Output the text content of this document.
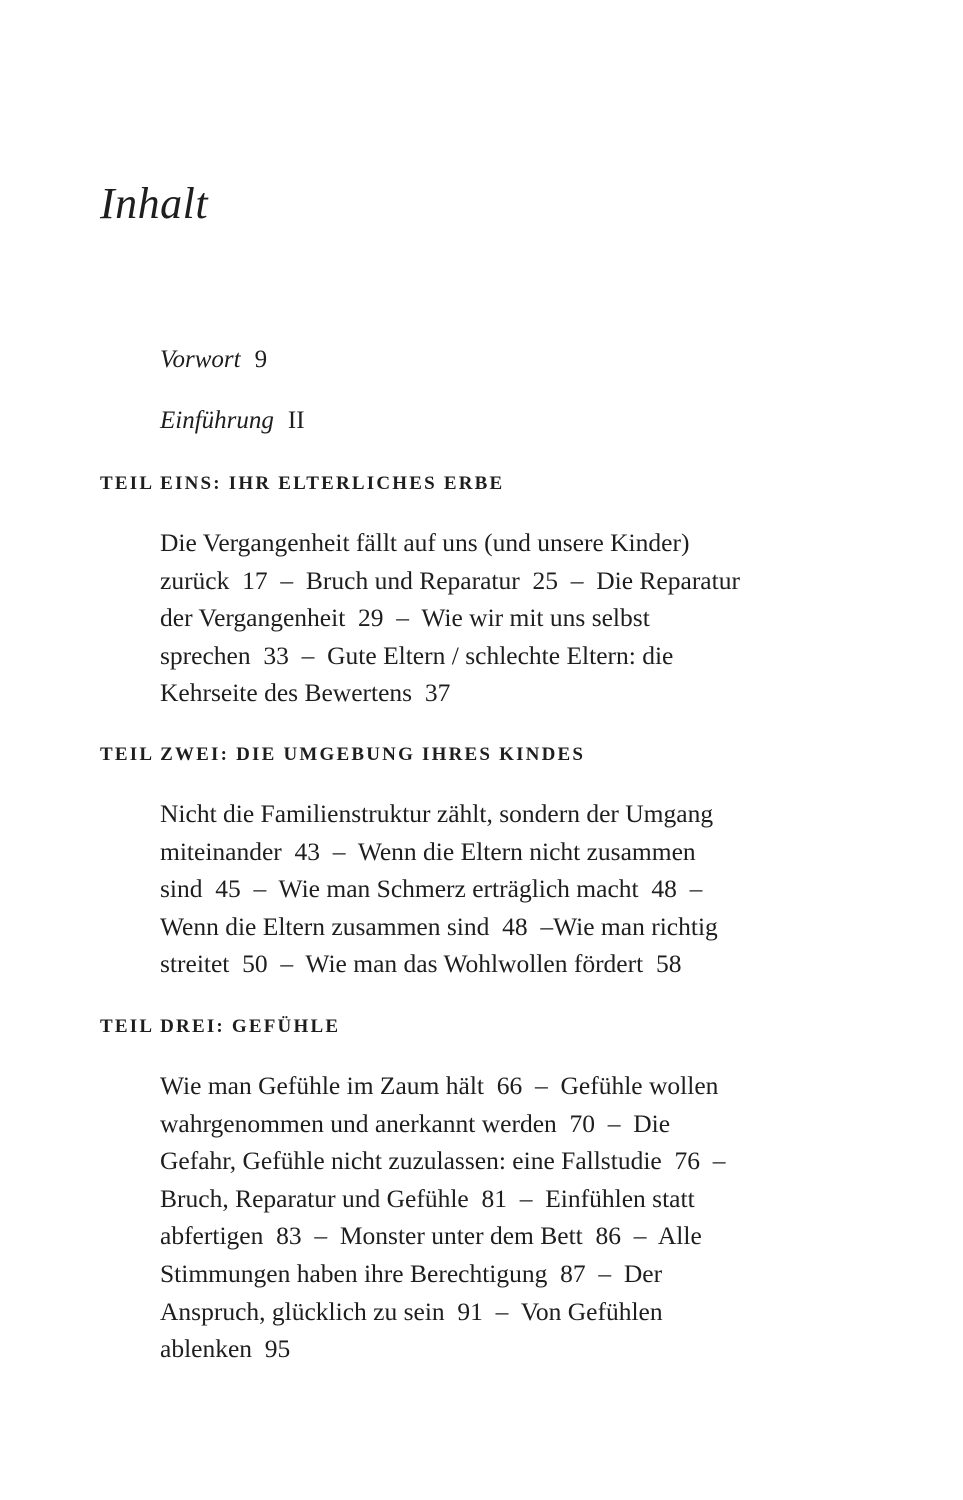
Inhalt

Vorwort 9

Einführung II

TEIL EINS: IHR ELTERLICHES ERBE
Die Vergangenheit fällt auf uns (und unsere Kinder)
zurück  17  –  Bruch und Reparatur  25  –  Die Reparatur
der Vergangenheit  29  –  Wie wir mit uns selbst
sprechen  33  –  Gute Eltern / schlechte Eltern: die
Kehrseite des Bewertens  37
TEIL ZWEI: DIE UMGEBUNG IHRES KINDES
Nicht die Familienstruktur zählt, sondern der Umgang
miteinander  43  –  Wenn die Eltern nicht zusammen
sind  45  –  Wie man Schmerz erträglich macht  48  –
Wenn die Eltern zusammen sind  48  –Wie man richtig
streitet  50  –  Wie man das Wohlwollen fördert  58
TEIL DREI: GEFÜHLE
Wie man Gefühle im Zaum hält  66  –  Gefühle wollen
wahrgenommen und anerkannt werden  70  –  Die
Gefahr, Gefühle nicht zuzulassen: eine Fallstudie  76  –
Bruch, Reparatur und Gefühle  81  –  Einfühlen statt
abfertigen  83  –  Monster unter dem Bett  86  –  Alle
Stimmungen haben ihre Berechtigung  87  –  Der
Anspruch, glücklich zu sein  91  –  Von Gefühlen
ablenken  95
